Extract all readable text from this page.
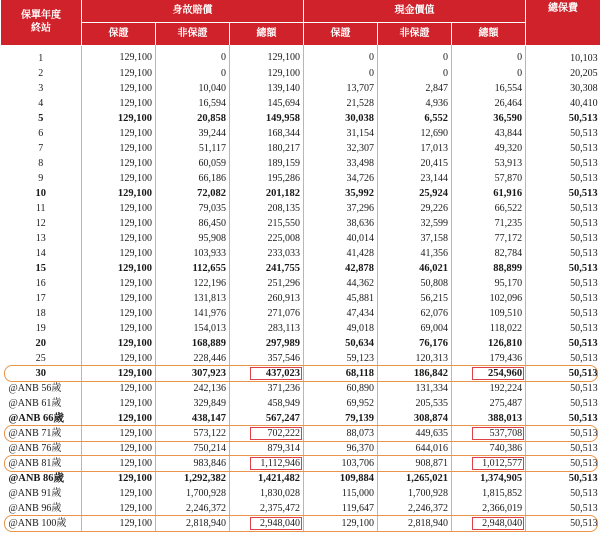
保單年度
終站	身故賠償			現金價值			總保費
	保證	非保證	總額	保證	非保證	總額	
1	129,100	0	129,100	0	0	0	10,103
2	129,100	0	129,100	0	0	0	20,205
3	129,100	10,040	139,140	13,707	2,847	16,554	30,308
4	129,100	16,594	145,694	21,528	4,936	26,464	40,410
5	129,100	20,858	149,958	30,038	6,552	36,590	50,513
6	129,100	39,244	168,344	31,154	12,690	43,844	50,513
7	129,100	51,117	180,217	32,307	17,013	49,320	50,513
8	129,100	60,059	189,159	33,498	20,415	53,913	50,513
9	129,100	66,186	195,286	34,726	23,144	57,870	50,513
10	129,100	72,082	201,182	35,992	25,924	61,916	50,513
11	129,100	79,035	208,135	37,296	29,226	66,522	50,513
12	129,100	86,450	215,550	38,636	32,599	71,235	50,513
13	129,100	95,908	225,008	40,014	37,158	77,172	50,513
14	129,100	103,933	233,033	41,428	41,356	82,784	50,513
15	129,100	112,655	241,755	42,878	46,021	88,899	50,513
16	129,100	122,196	251,296	44,362	50,808	95,170	50,513
17	129,100	131,813	260,913	45,881	56,215	102,096	50,513
18	129,100	141,976	271,076	47,434	62,076	109,510	50,513
19	129,100	154,013	283,113	49,018	69,004	118,022	50,513
20	129,100	168,889	297,989	50,634	76,176	126,810	50,513
25	129,100	228,446	357,546	59,123	120,313	179,436	50,513
30	129,100	307,923	437,023	68,118	186,842	254,960	50,513
@ANB 56歲	129,100	242,136	371,236	60,890	131,334	192,224	50,513
@ANB 61歲	129,100	329,849	458,949	69,952	205,535	275,487	50,513
@ANB 66歲	129,100	438,147	567,247	79,139	308,874	388,013	50,513
@ANB 71歲	129,100	573,122	702,222	88,073	449,635	537,708	50,513
@ANB 76歲	129,100	750,214	879,314	96,370	644,016	740,386	50,513
@ANB 81歲	129,100	983,846	1,112,946	103,706	908,871	1,012,577	50,513
@ANB 86歲	129,100	1,292,382	1,421,482	109,884	1,265,021	1,374,905	50,513
@ANB 91歲	129,100	1,700,928	1,830,028	115,000	1,700,928	1,815,852	50,513
@ANB 96歲	129,100	2,246,372	2,375,472	119,647	2,246,372	2,366,019	50,513
@ANB 100歲	129,100	2,818,940	2,948,040	129,100	2,818,940	2,948,040	50,513
